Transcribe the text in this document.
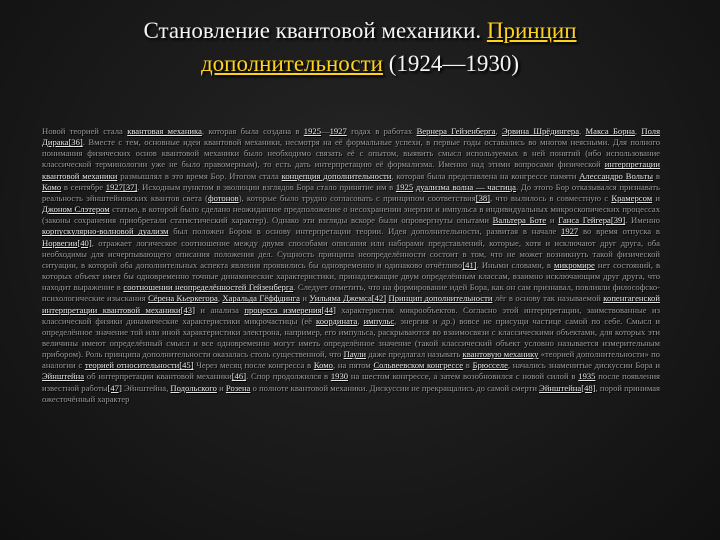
Становление квантовой механики. Принцип дополнительности (1924—1930)
Новой теорией стала квантовая механика, которая была создана в 1925—1927 годах в работах Вернера Гейзенберга, Эрвина Шрёдингера, Макса Борна, Поля Дирака[36]. Вместе с тем, основные идеи квантовой механики, несмотря на её формальные успехи, в первые годы оставались во многом неясными. Для полного понимания физических основ квантовой механики было необходимо связать её с опытом, выявить смысл используемых в ней понятий (ибо использование классической терминологии уже не было правомерным), то есть дать интерпретацию её формализма. Именно над этими вопросами физической интерпретации квантовой механики размышлял в это время Бор. Итогом стала концепция дополнительности, которая была представлена на конгрессе памяти Алессандро Вольты в Комо в сентябре 1927[37]. Исходным пунктом в эволюции взглядов Бора стало принятие им в 1925 дуализма волна — частица. До этого Бор отказывался признавать реальность эйнштейновских квантов света (фотонов), которые было трудно согласовать с принципом соответствия[38], что вылилось в совместную с Крамерсом и Джоном Слэтером статью, в которой было сделано неожиданное предположение о несохранении энергии и импульса в индивидуальных микроскопических процессах (законы сохранения приобретали статистический характер). Однако эти взгляды вскоре были опровергнуты опытами Вальтера Боте и Ганса Гейгера[39]. Именно корпускулярно-волновой дуализм был положен Бором в основу интерпретации теории. Идея дополнительности, развитая в начале 1927 во время отпуска в Норвегии[40], отражает логическое соотношение между двумя способами описания или наборами представлений, которые, хотя и исключают друг друга, оба необходимы для исчерпывающего описания положения дел. Сущность принципа неопределённости состоит в том, что не может возникнуть такой физической ситуации, в которой оба дополнительных аспекта явления проявились бы одновременно и одинаково отчётливо[41]. Иными словами, в микромире нет состояний, в которых объект имел бы одновременно точные динамические характеристики, принадлежащие двум определённым классам, взаимно исключающим друг друга, что находит выражение в соотношении неопределённостей Гейзенберга. Следует отметить, что на формирование идей Бора, как он сам признавал, повлияли философско-психологические изыскания Сёрена Кьеркегора, Харальда Гёффдинга и Уильяма Джемса[42] Принцип дополнительности лёг в основу так называемой копенгагенской интерпретации квантовой механики[43] и анализа процесса измерения[44] характеристик микрообъектов. Согласно этой интерпретации, заимствованные из классической физики динамические характеристики микрочастицы (её координата, импульс, энергия и др.) вовсе не присущи частице самой по себе. Смысл и определённое значение той или иной характеристики электрона, например, его импульса, раскрываются во взаимосвязи с классическими объектами, для которых эти величины имеют определённый смысл и все одновременно могут иметь определённое значение (такой классический объект условно называется измерительным прибором). Роль принципа дополнительности оказалась столь существенной, что Паули даже предлагал называть квантовую механику «теорией дополнительности» по аналогии с теорией относительности[45] Через месяц после конгресса в Комо, на пятом Сольвеевском конгрессе в Брюсселе, начались знаменитые дискуссии Бора и Эйнштейна об интерпретации квантовой механики[46]. Спор продолжился в 1930 на шестом конгрессе, а затем возобновился с новой силой в 1935 после появления известной работы[47] Эйнштейна, Подольского и Розена о полноте квантовой механики. Дискуссии не прекращались до самой смерти Эйнштейна[48], порой принимая ожесточённый характер
